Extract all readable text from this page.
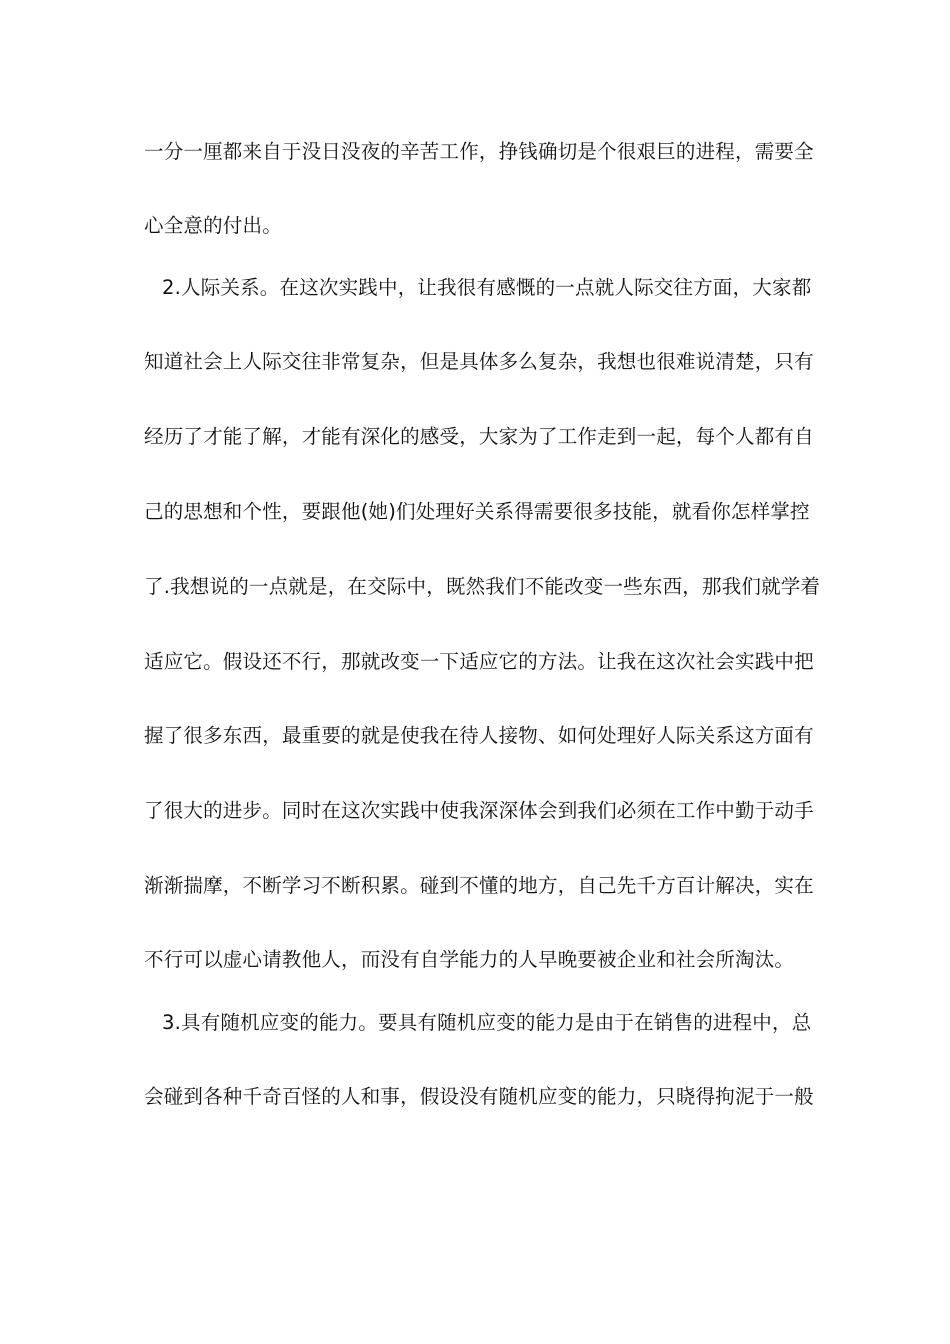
一分一厘都来自于没日没夜的辛苦工作，挣钱确切是个很艰巨的进程，需要全
心全意的付出。
2.人际关系。在这次实践中，让我很有感慨的一点就人际交往方面，大家都
知道社会上人际交往非常复杂，但是具体多么复杂，我想也很难说清楚，只有
经历了才能了解，才能有深化的感受，大家为了工作走到一起，每个人都有自
己的思想和个性，要跟他(她)们处理好关系得需要很多技能，就看你怎样掌控
了.我想说的一点就是，在交际中，既然我们不能改变一些东西，那我们就学着
适应它。假设还不行，那就改变一下适应它的方法。让我在这次社会实践中把
握了很多东西，最重要的就是使我在待人接物、如何处理好人际关系这方面有
了很大的进步。同时在这次实践中使我深深体会到我们必须在工作中勤于动手
渐渐揣摩，不断学习不断积累。碰到不懂的地方，自己先千方百计解决，实在
不行可以虚心请教他人，而没有自学能力的人早晚要被企业和社会所淘汰。
3.具有随机应变的能力。要具有随机应变的能力是由于在销售的进程中，总
会碰到各种千奇百怪的人和事，假设没有随机应变的能力，只晓得拘泥于一般
